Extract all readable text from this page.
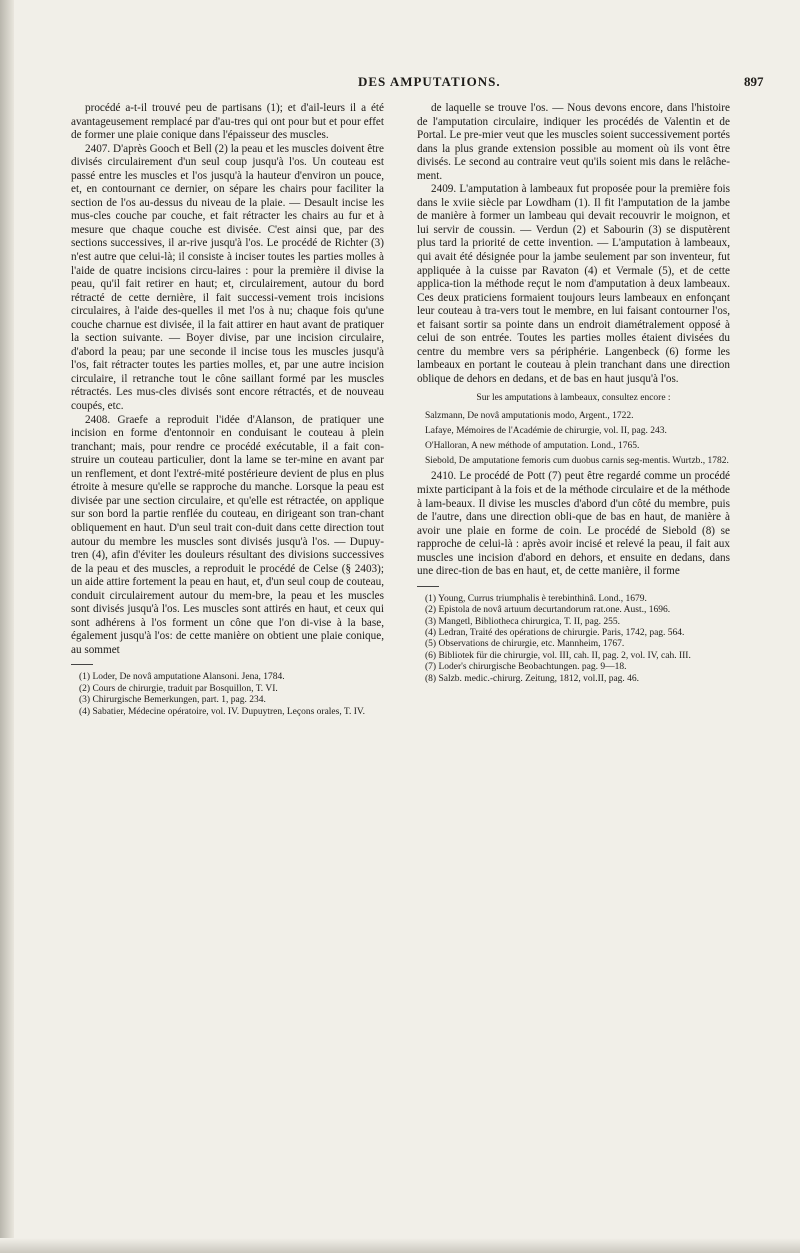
DES AMPUTATIONS.	897

procédé a-t-il trouvé peu de partisans (1); et d'ail-leurs il a été avantageusement remplacé par d'au-tres qui ont pour but et pour effet de former une plaie conique dans l'épaisseur des muscles.

2407. D'après Gooch et Bell (2) la peau et les muscles doivent être divisés circulairement d'un seul coup jusqu'à l'os. Un couteau est passé entre les muscles et l'os jusqu'à la hauteur d'environ un pouce, et, en contournant ce dernier, on sépare les chairs pour faciliter la section de l'os au-dessus du niveau de la plaie. — Desault incise les mus-cles couche par couche, et fait rétracter les chairs au fur et à mesure que chaque couche est divisée. C'est ainsi que, par des sections successives, il ar-rive jusqu'à l'os. Le procédé de Richter (3) n'est autre que celui-là; il consiste à inciser toutes les parties molles à l'aide de quatre incisions circu-laires : pour la première il divise la peau, qu'il fait retirer en haut; et, circulairement, autour du bord rétracté de cette dernière, il fait successi-vement trois incisions circulaires, à l'aide des-quelles il met l'os à nu; chaque fois qu'une couche charnue est divisée, il la fait attirer en haut avant de pratiquer la section suivante. — Boyer divise, par une incision circulaire, d'abord la peau; par une seconde il incise tous les muscles jusqu'à l'os, fait rétracter toutes les parties molles, et, par une autre incision circulaire, il retranche tout le cône saillant formé par les muscles rétractés. Les mus-cles divisés sont encore rétractés, et de nouveau coupés, etc.

2408. Graefe a reproduit l'idée d'Alanson, de pratiquer une incision en forme d'entonnoir en conduisant le couteau à plein tranchant; mais, pour rendre ce procédé exécutable, il a fait con-struire un couteau particulier, dont la lame se ter-mine en avant par un renflement, et dont l'extré-mité postérieure devient de plus en plus étroite à mesure qu'elle se rapproche du manche. Lorsque la peau est divisée par une section circulaire, et qu'elle est rétractée, on applique sur son bord la partie renflée du couteau, en dirigeant son tran-chant obliquement en haut. D'un seul trait con-duit dans cette direction tout autour du membre les muscles sont divisés jusqu'à l'os. — Dupuy-tren (4), afin d'éviter les douleurs résultant des divisions successives de la peau et des muscles, a reproduit le procédé de Celse (§ 2403); un aide attire fortement la peau en haut, et, d'un seul coup de couteau, conduit circulairement autour du mem-bre, la peau et les muscles sont divisés jusqu'à l'os. Les muscles sont attirés en haut, et ceux qui sont adhérens à l'os forment un cône que l'on di-vise à la base, également jusqu'à l'os: de cette manière on obtient une plaie conique, au sommet

(1) Loder, De novâ amputatione Alansoni. Jena, 1784.

(2) Cours de chirurgie, traduit par Bosquillon, T. VI.

(3) Chirurgische Bemerkungen, part. 1, pag. 234.

(4) Sabatier, Médecine opératoire, vol. IV. Dupuytren, Leçons orales, T. IV.

de laquelle se trouve l'os. — Nous devons encore, dans l'histoire de l'amputation circulaire, indiquer les procédés de Valentin et de Portal. Le pre-mier veut que les muscles soient successivement portés dans la plus grande extension possible au moment où ils vont être divisés. Le second au contraire veut qu'ils soient mis dans le relâche-ment.

2409. L'amputation à lambeaux fut proposée pour la première fois dans le xviie siècle par Lowdham (1). Il fit l'amputation de la jambe de manière à former un lambeau qui devait recouvrir le moignon, et lui servir de coussin. — Verdun (2) et Sabourin (3) se disputèrent plus tard la priorité de cette invention. — L'amputation à lambeaux, qui avait été désignée pour la jambe seulement par son inventeur, fut appliquée à la cuisse par Ravaton (4) et Vermale (5), et de cette applica-tion la méthode reçut le nom d'amputation à deux lambeaux. Ces deux praticiens formaient toujours leurs lambeaux en enfonçant leur couteau à tra-vers tout le membre, en lui faisant contourner l'os, et faisant sortir sa pointe dans un endroit diamétralement opposé à celui de son entrée. Toutes les parties molles étaient divisées du centre du membre vers sa périphérie. Langenbeck (6) forme les lambeaux en portant le couteau à plein tranchant dans une direction oblique de dehors en dedans, et de bas en haut jusqu'à l'os.

Sur les amputations à lambeaux, consultez encore :

Salzmann, De novâ amputationis modo, Argent., 1722.

Lafaye, Mémoires de l'Académie de chirurgie, vol. II, pag. 243.

O'Halloran, A new méthode of amputation. Lond., 1765.

Siebold, De amputatione femoris cum duobus carnis seg-mentis. Wurtzb., 1782.

2410. Le procédé de Pott (7) peut être regardé comme un procédé mixte participant à la fois et de la méthode circulaire et de la méthode à lam-beaux. Il divise les muscles d'abord d'un côté du membre, puis de l'autre, dans une direction obli-que de bas en haut, de manière à avoir une plaie en forme de coin. Le procédé de Siebold (8) se rapproche de celui-là : après avoir incisé et relevé la peau, il fait aux muscles une incision d'abord en dehors, et ensuite en dedans, dans une direc-tion de bas en haut, et, de cette manière, il forme

(1) Young, Currus triumphalis è terebinthinâ. Lond., 1679.

(2) Epistola de novâ artuum decurtandorum rat.one. Aust., 1696.

(3) Mangetl, Bibliotheca chirurgica, T. II, pag. 255.

(4) Ledran, Traité des opérations de chirurgie. Paris, 1742, pag. 564.

(5) Observations de chirurgie, etc. Mannheim, 1767.

(6) Bibliotek für die chirurgie, vol. III, cah. II, pag. 2, vol. IV, cah. III.

(7) Loder's chirurgische Beobachtungen. pag. 9—18.

(8) Salzb. medic.-chirurg. Zeitung, 1812, vol.II, pag. 46.
